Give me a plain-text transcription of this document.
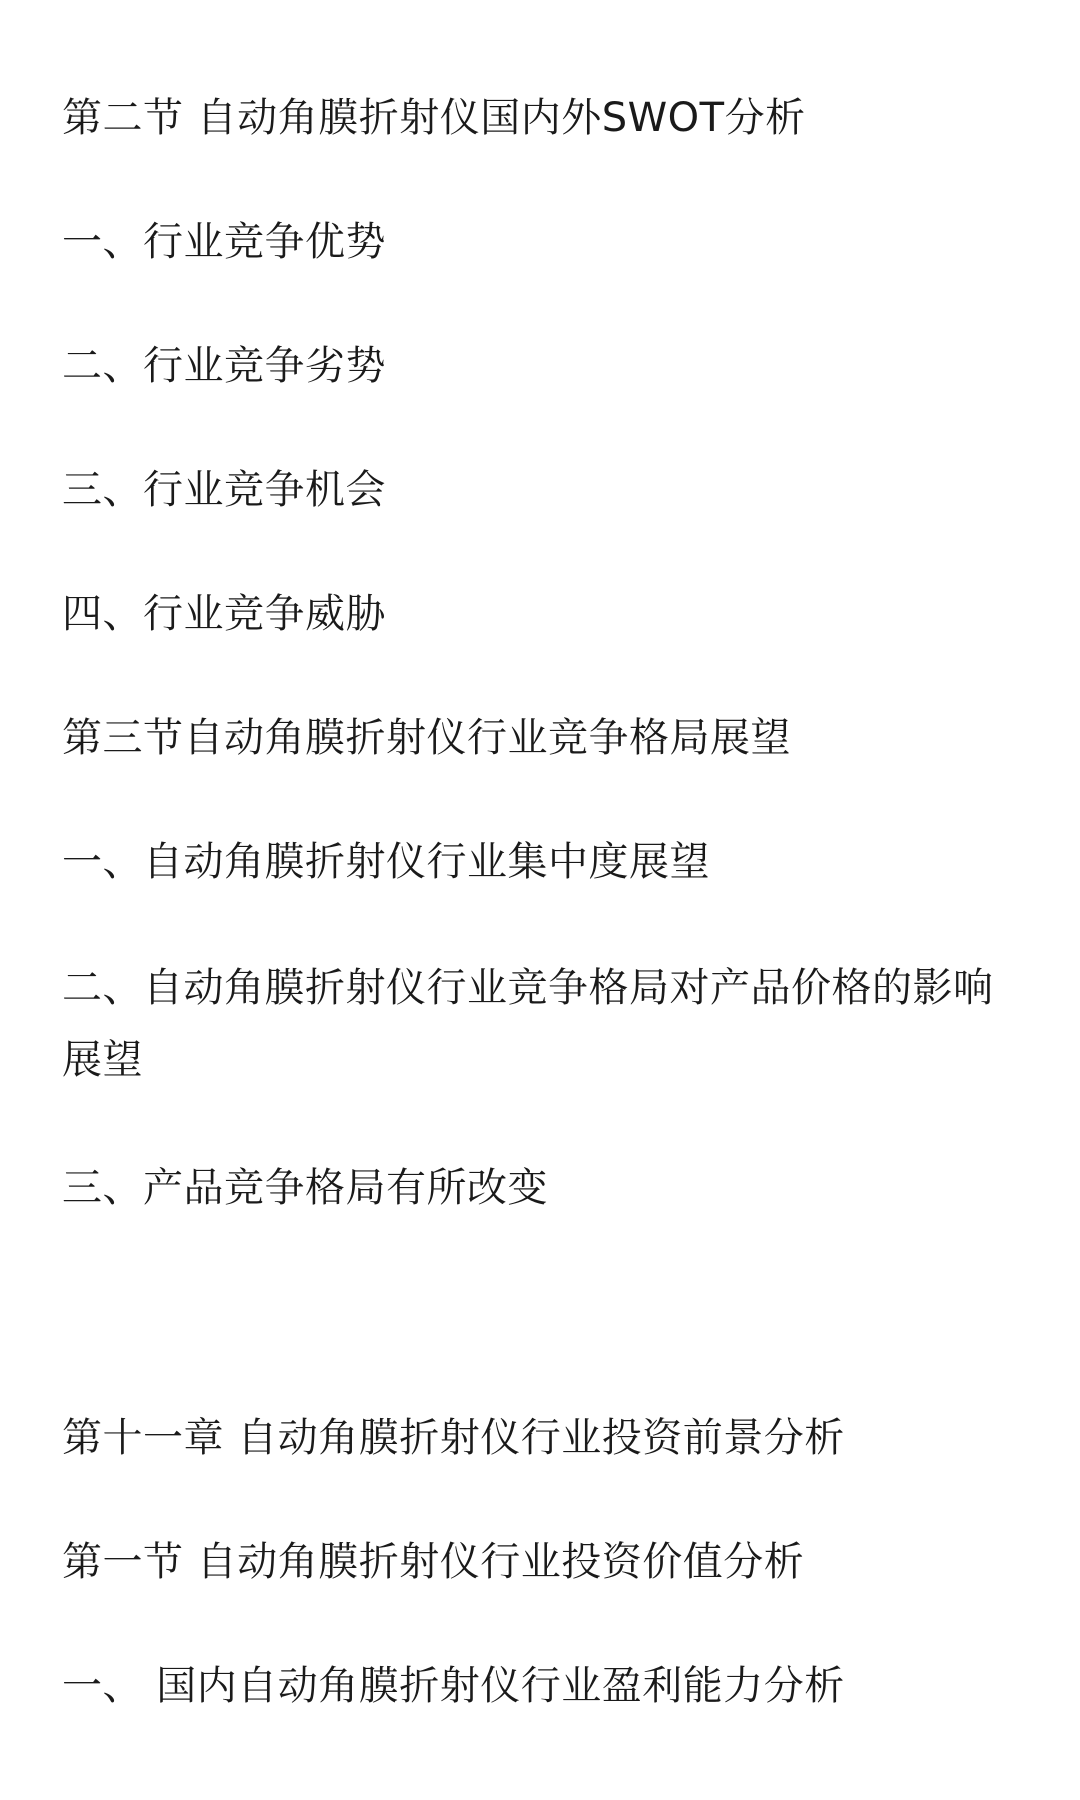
第二节 自动角膜折射仪国内外SWOT分析

一、行业竞争优势

二、行业竞争劣势

三、行业竞争机会

四、行业竞争威胁

第三节自动角膜折射仪行业竞争格局展望

一、自动角膜折射仪行业集中度展望

二、自动角膜折射仪行业竞争格局对产品价格的影响展望

三、产品竞争格局有所改变

第十一章 自动角膜折射仪行业投资前景分析

第一节 自动角膜折射仪行业投资价值分析

一、 国内自动角膜折射仪行业盈利能力分析
